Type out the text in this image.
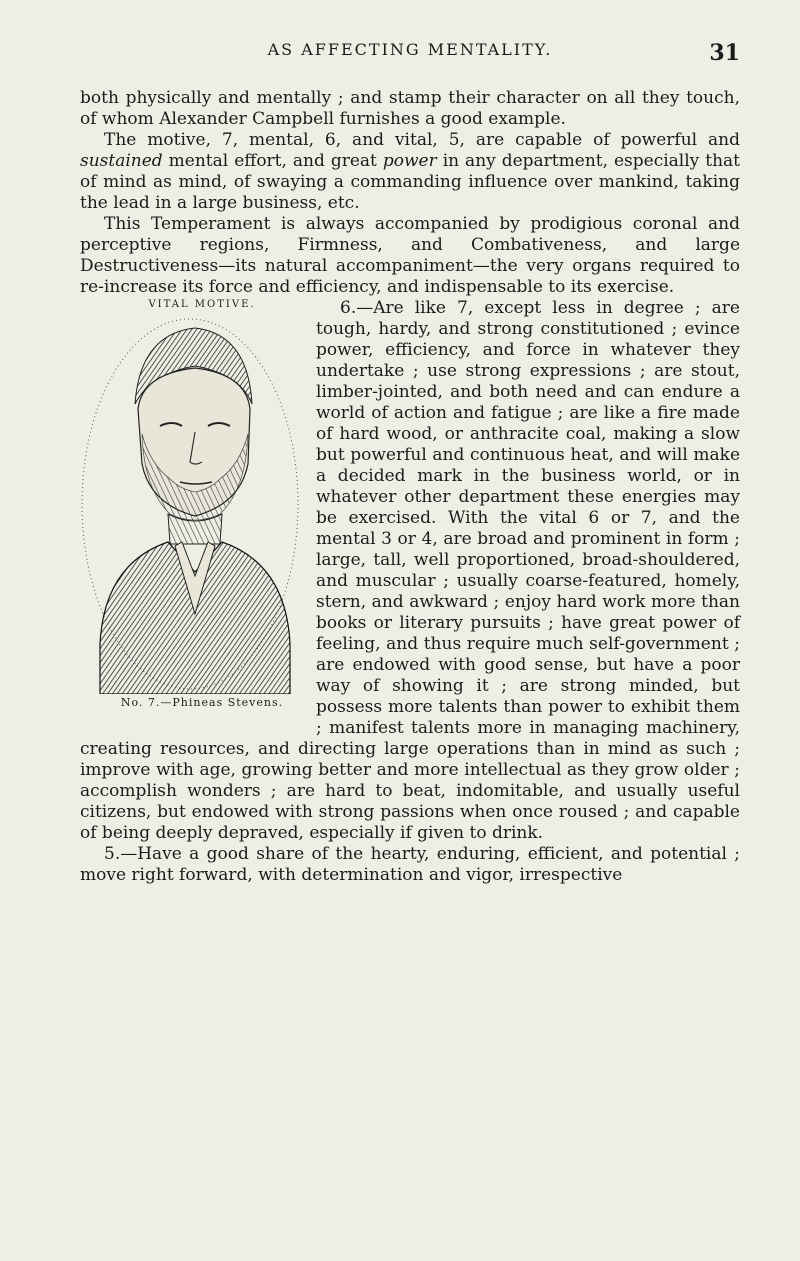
AS AFFECTING MENTALITY.	31

both physically and mentally ; and stamp their character on all they touch, of whom Alexander Campbell furnishes a good example.

The motive, 7, mental, 6, and vital, 5, are capable of powerful and sustained mental effort, and great power in any department, especially that of mind as mind, of swaying a commanding influence over mankind, taking the lead in a large business, etc.

This Temperament is always accompanied by prodigious coronal and perceptive regions, Firmness, and Combativeness, and large Destructiveness—its natural accompaniment—the very organs required to re-increase its force and efficiency, and indispensable to its exercise.

VITAL MOTIVE.
No. 7.—Phineas Stevens.
6.—Are like 7, except less in degree ; are tough, hardy, and strong constitutioned ; evince power, efficiency, and force in whatever they undertake ; use strong expressions ; are stout, limber-jointed, and both need and can endure a world of action and fatigue ; are like a fire made of hard wood, or anthracite coal, making a slow but powerful and continuous heat, and will make a decided mark in the business world, or in whatever other department these energies may be exercised. With the vital 6 or 7, and the mental 3 or 4, are broad and prominent in form ; large, tall, well proportioned, broad-shouldered, and muscular ; usually coarse-featured, homely, stern, and awkward ; enjoy hard work more than books or literary pursuits ; have great power of feeling, and thus require much self-government ; are endowed with good sense, but have a poor way of showing it ; are strong minded, but possess more talents than power to exhibit them ; manifest talents more in managing machinery, creating resources, and directing large operations than in mind as such ; improve with age, growing better and more intellectual as they grow older ; accomplish wonders ; are hard to beat, indomitable, and usually useful citizens, but endowed with strong passions when once roused ; and capable of being deeply depraved, especially if given to drink.

5.—Have a good share of the hearty, enduring, efficient, and potential ; move right forward, with determination and vigor, irrespective
